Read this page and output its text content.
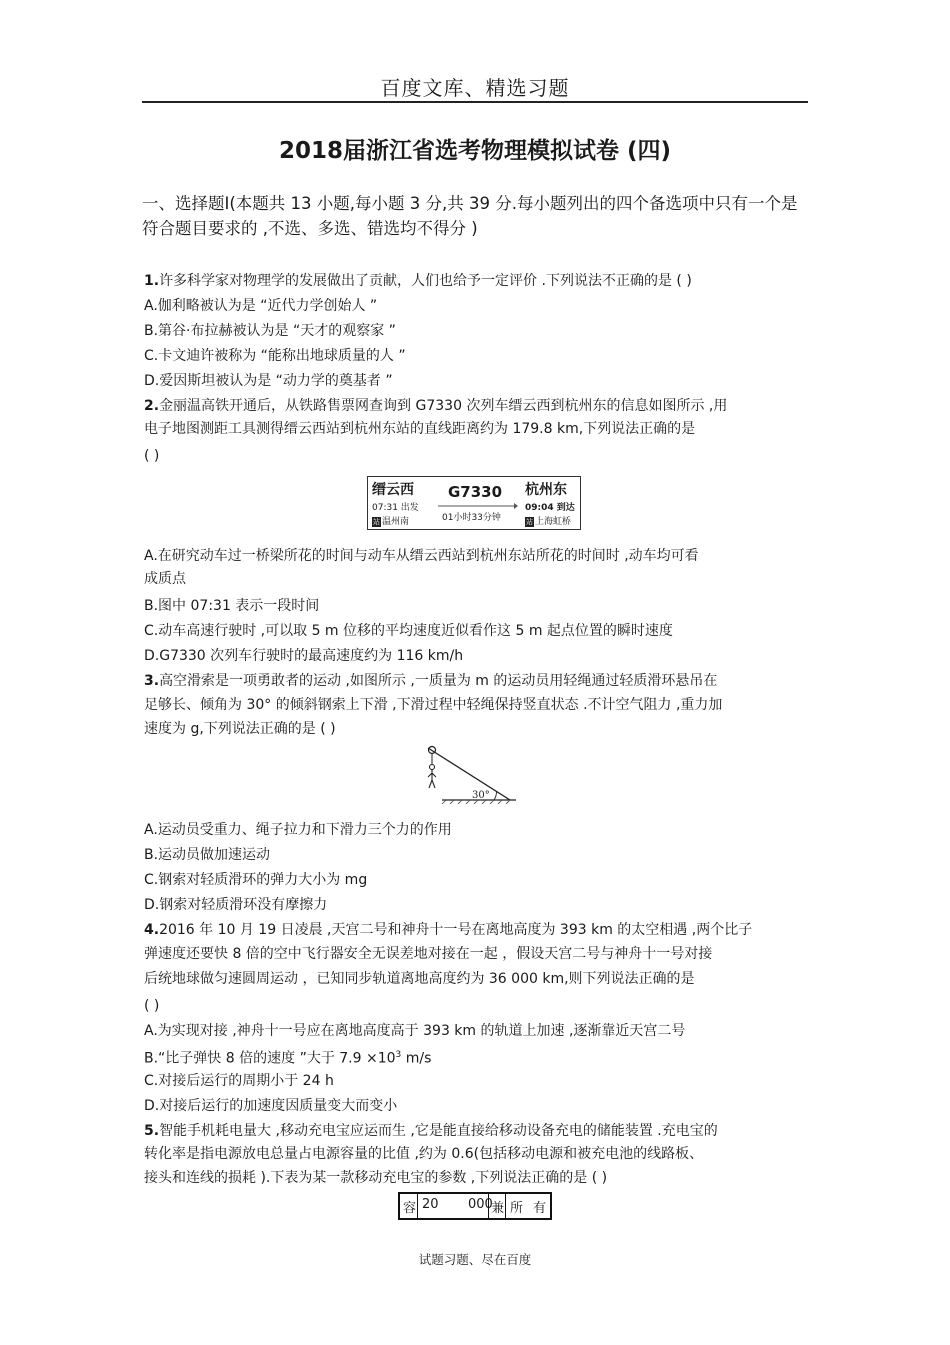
百度文库、精选习题
2018届浙江省选考物理模拟试卷 (四)
一、选择题Ⅰ(本题共 13 小题,每小题 3 分,共 39 分.每小题列出的四个备选项中只有一个是符合题目要求的 ,不选、多选、错选均不得分 )
1.许多科学家对物理学的发展做出了贡献，人们也给予一定评价 .下列说法不正确的是 ( )
A.伽利略被认为是 “近代力学创始人 ”
B.第谷·布拉赫被认为是 “天才的观察家 ”
C.卡文迪许被称为 “能称出地球质量的人 ”
D.爱因斯坦被认为是 “动力学的奠基者 ”
2.金丽温高铁开通后，从铁路售票网查询到 G7330 次列车缙云西到杭州东的信息如图所示 ,用
电子地图测距工具测得缙云西站到杭州东站的直线距离约为 179.8 km,下列说法正确的是
( )
缙云西 G7330 杭州东
07:31 出发
01小时33分钟
09:04 到达
站 温州南	站 上海虹桥
A.在研究动车过一桥梁所花的时间与动车从缙云西站到杭州东站所花的时间时 ,动车均可看
成质点
B.图中 07:31 表示一段时间
C.动车高速行驶时 ,可以取 5 m 位移的平均速度近似看作这 5 m 起点位置的瞬时速度
D.G7330 次列车行驶时的最高速度约为 116 km/h
3.高空滑索是一项勇敢者的运动 ,如图所示 ,一质量为 m 的运动员用轻绳通过轻质滑环悬吊在
足够长、倾角为 30° 的倾斜钢索上下滑 ,下滑过程中轻绳保持竖直状态 .不计空气阻力 ,重力加
速度为 g,下列说法正确的是 ( )
30°
A.运动员受重力、绳子拉力和下滑力三个力的作用
B.运动员做加速运动
C.钢索对轻质滑环的弹力大小为 mg
D.钢索对轻质滑环没有摩擦力
4.2016 年 10 月 19 日凌晨 ,天宫二号和神舟十一号在离地高度为 393 km 的太空相遇 ,两个比子
弹速度还要快 8 倍的空中飞行器安全无误差地对接在一起 ，假设天宫二号与神舟十一号对接
后统地球做匀速圆周运动 ，已知同步轨道离地高度约为 36 000 km,则下列说法正确的是
( )
A.为实现对接 ,神舟十一号应在离地高度高于 393 km 的轨道上加速 ,逐渐靠近天宫二号
B.“比子弹快 8 倍的速度 ”大于 $7.9 \times 10^3$ m/s
C.对接后运行的周期小于 24 h
D.对接后运行的加速度因质量变大而变小
5.智能手机耗电量大 ,移动充电宝应运而生 ,它是能直接给移动设备充电的储能装置 .充电宝的
转化率是指电源放电总量占电源容量的比值 ,约为 0.6(包括移动电源和被充电池的线路板、
接头和连线的损耗 ).下表为某一款移动充电宝的参数 ,下列说法正确的是 ( )
容 20 000
兼 所 有
试题习题、尽在百度
